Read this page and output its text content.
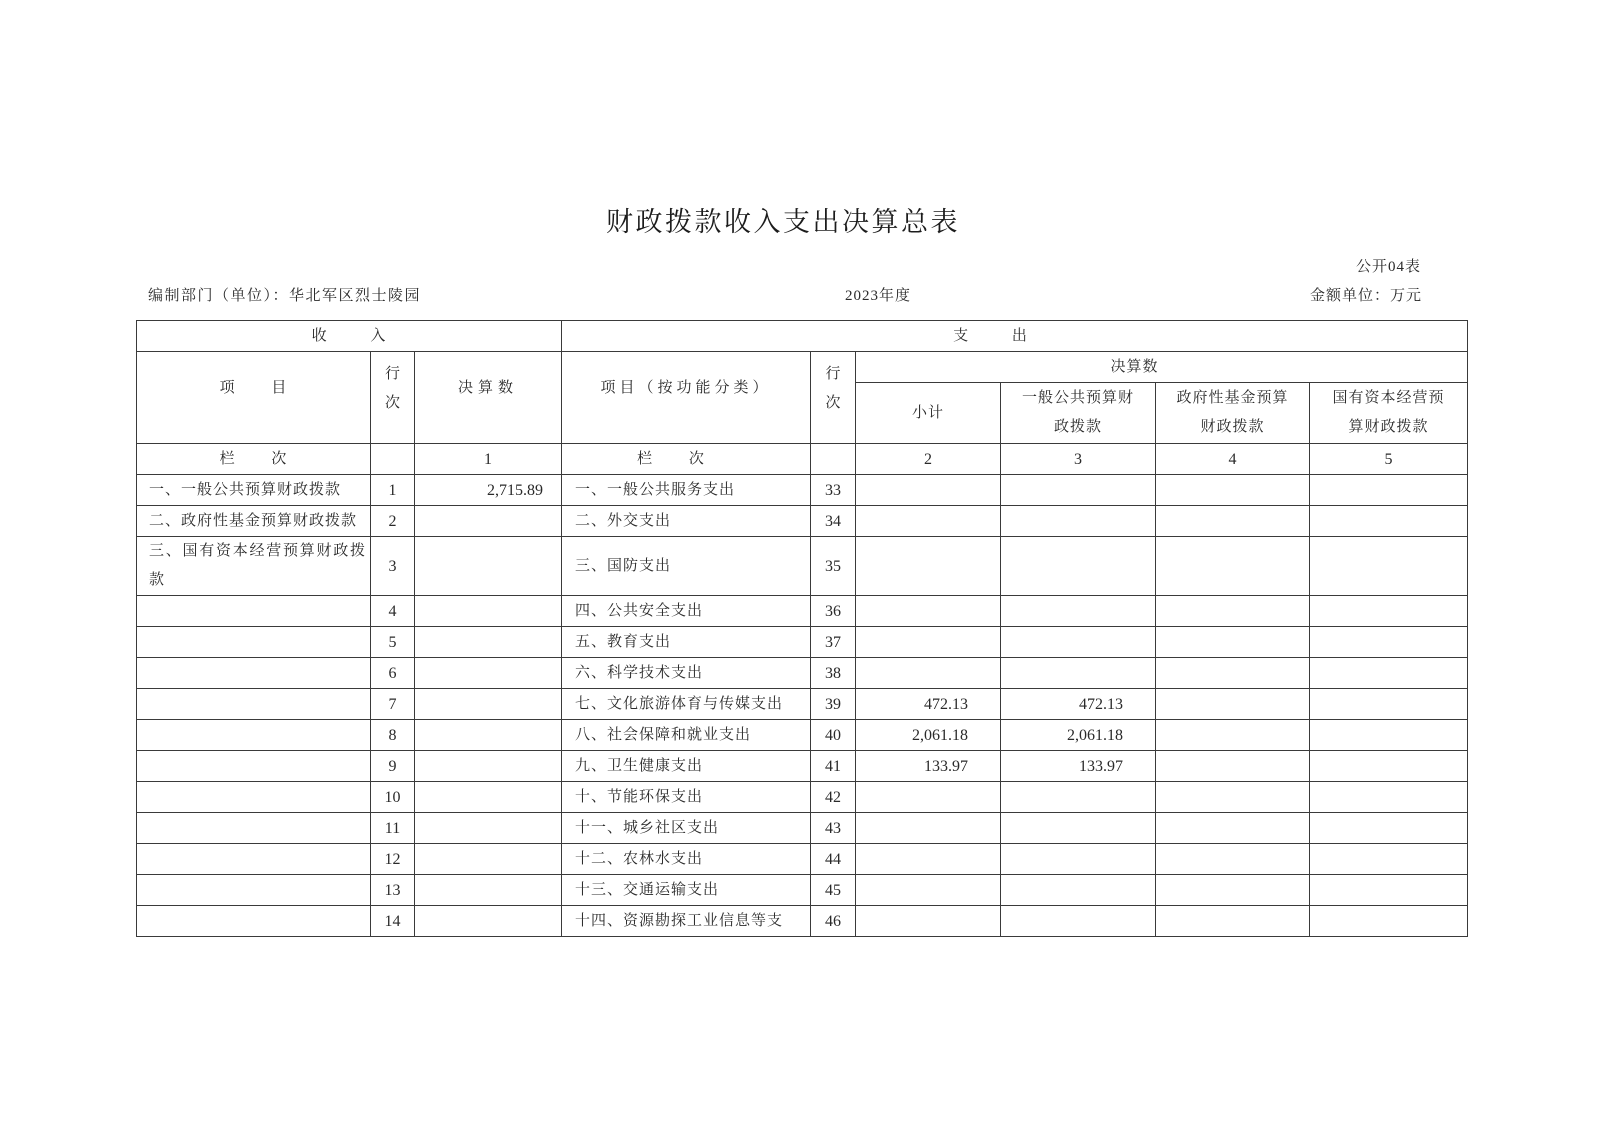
财政拨款收入支出决算总表
公开04表
编制部门（单位）：华北军区烈士陵园	2023年度	金额单位：万元
收 入			支 出					
项 目	行次	决算数	项目（按功能分类）	行次	决算数			
					小计	一般公共预算财政拨款	政府性基金预算财政拨款	国有资本经营预算财政拨款
栏 次		1	栏 次		2	3	4	5
一、一般公共预算财政拨款	1	2,715.89	一、一般公共服务支出	33				
二、政府性基金预算财政拨款	2		二、外交支出	34				
三、国有资本经营预算财政拨款	3		三、国防支出	35				
	4		四、公共安全支出	36				
	5		五、教育支出	37				
	6		六、科学技术支出	38				
	7		七、文化旅游体育与传媒支出	39	472.13	472.13		
	8		八、社会保障和就业支出	40	2,061.18	2,061.18		
	9		九、卫生健康支出	41	133.97	133.97		
	10		十、节能环保支出	42				
	11		十一、城乡社区支出	43				
	12		十二、农林水支出	44				
	13		十三、交通运输支出	45				
	14		十四、资源勘探工业信息等支	46				
